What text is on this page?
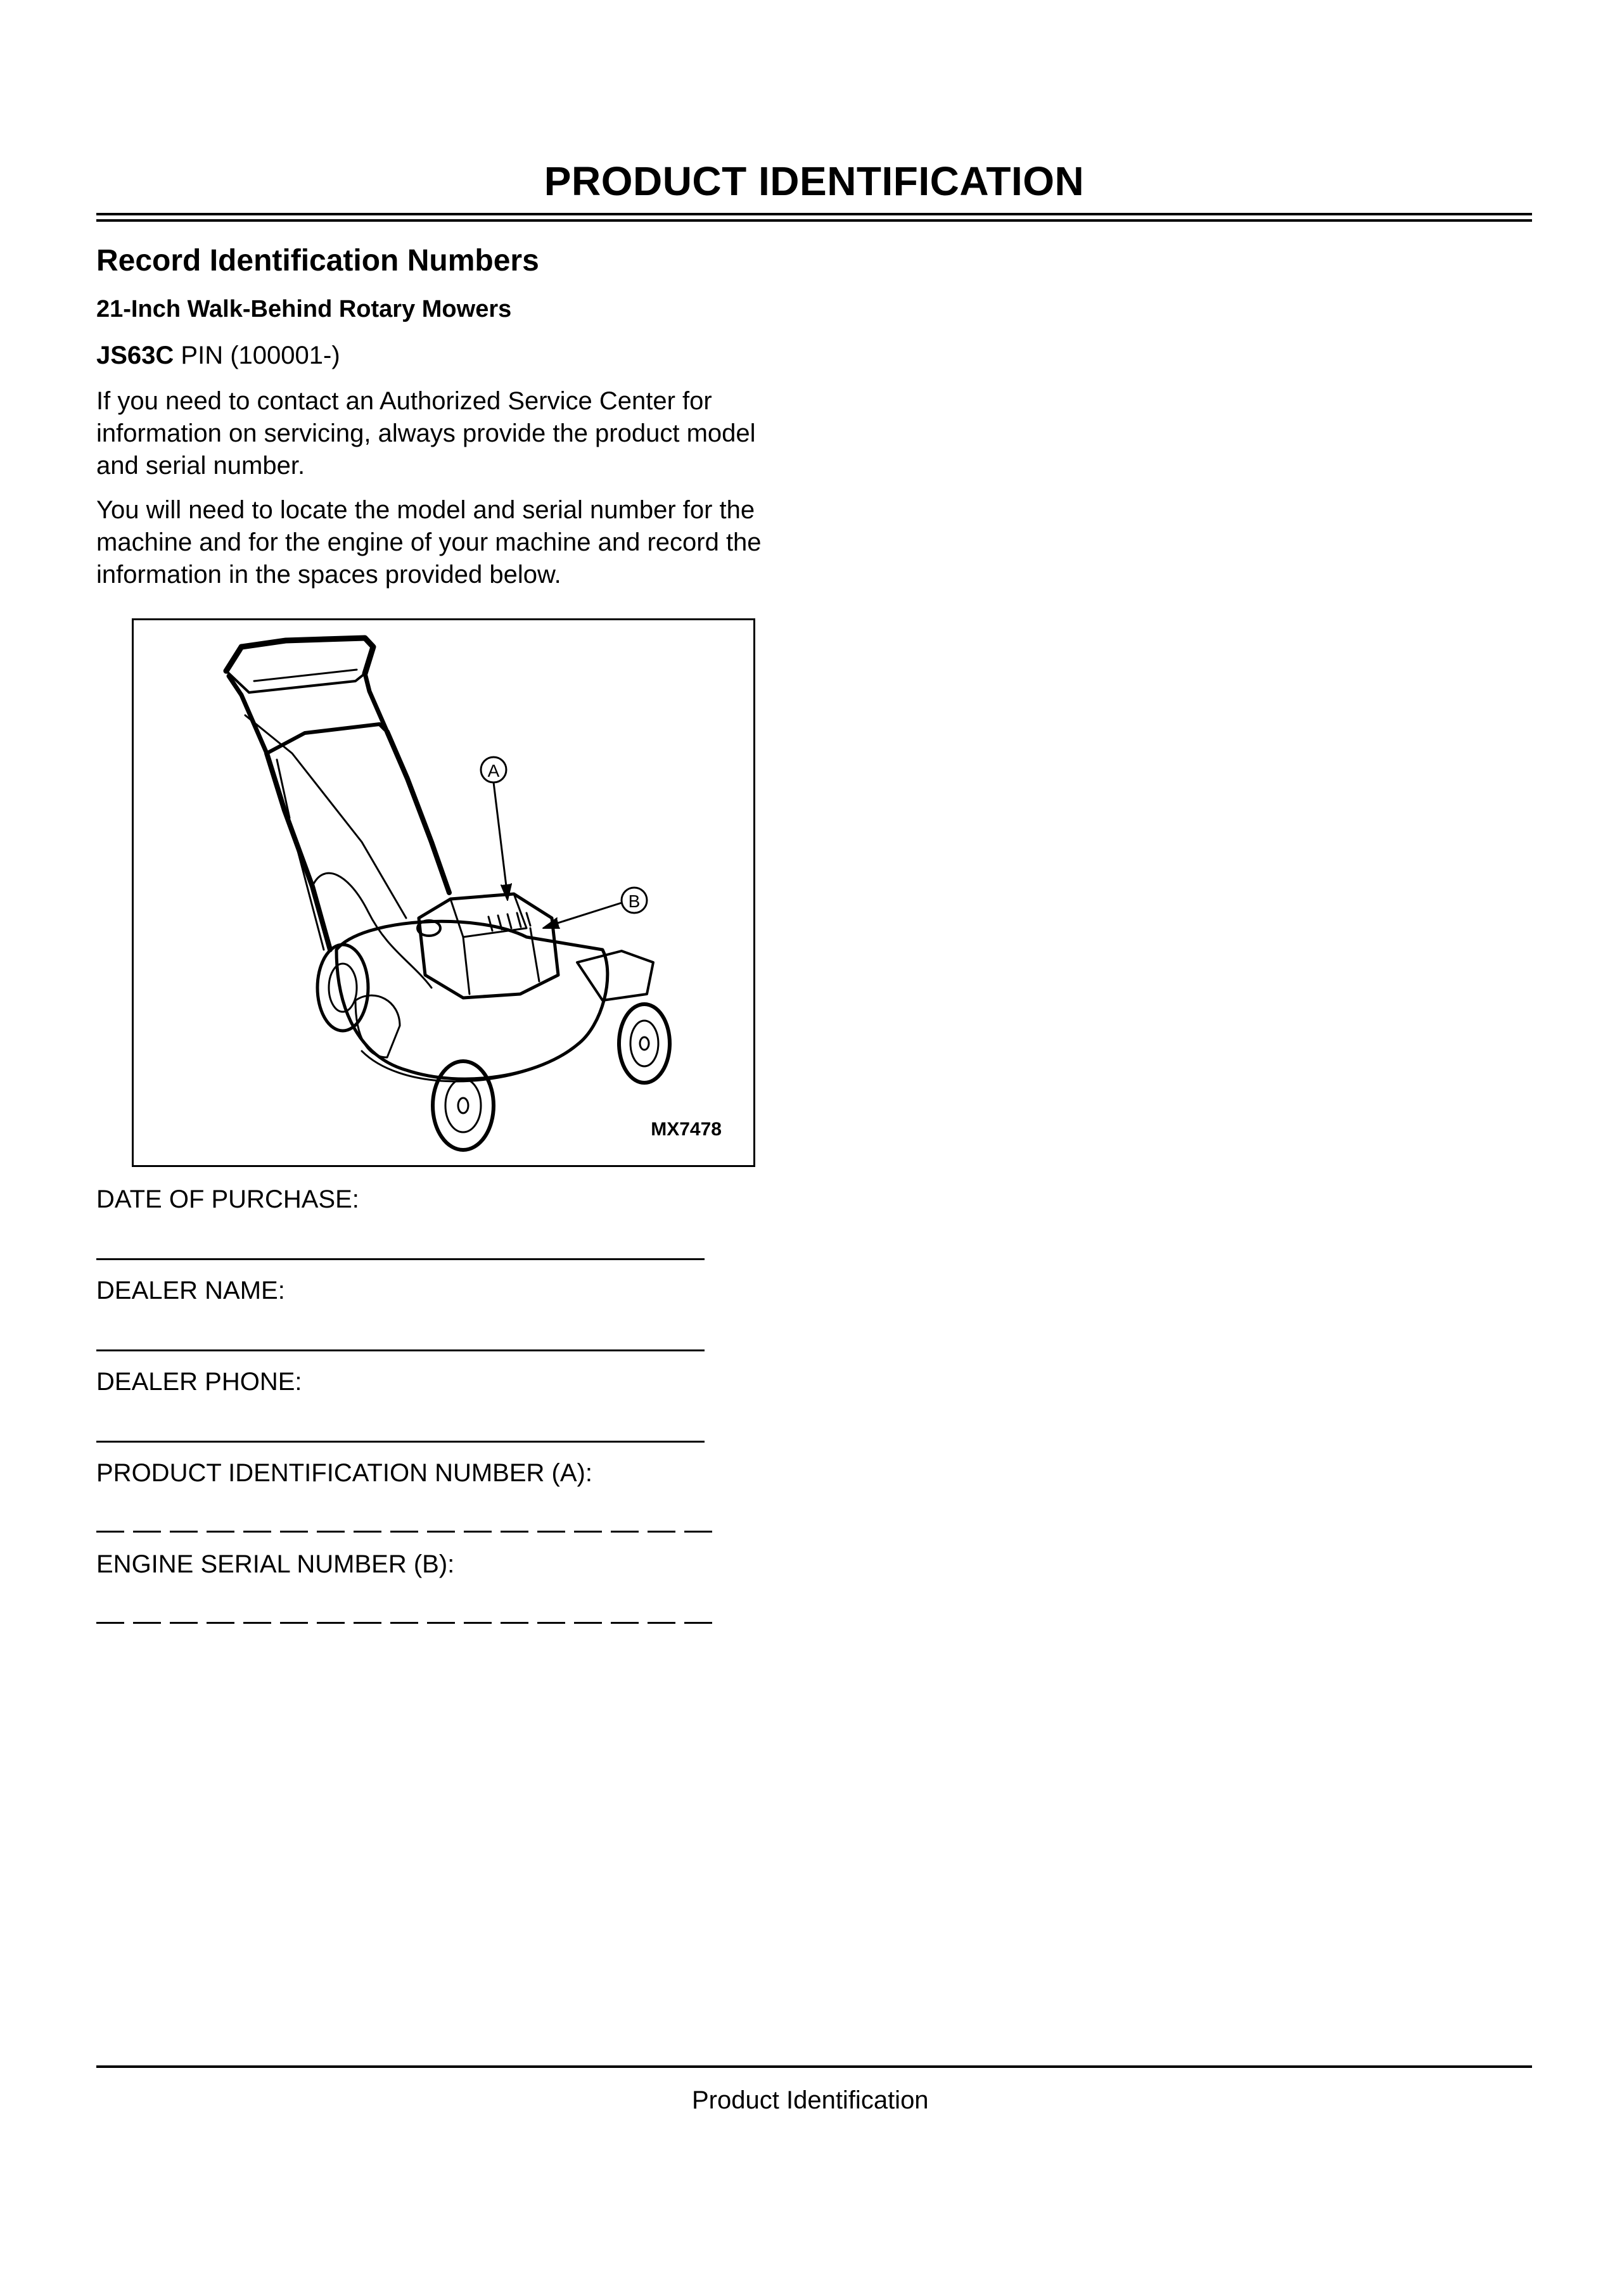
PRODUCT IDENTIFICATION
Record Identification Numbers
21-Inch Walk-Behind Rotary Mowers
JS63C PIN (100001-)
If you need to contact an Authorized Service Center for information on servicing, always provide the product model and serial number.
You will need to locate the model and serial number for the machine and for the engine of your machine and record the information in the spaces provided below.
A
B
MX7478
DATE OF PURCHASE:
DEALER NAME:
DEALER PHONE:
PRODUCT IDENTIFICATION NUMBER (A):
ENGINE SERIAL NUMBER (B):
Product Identification
